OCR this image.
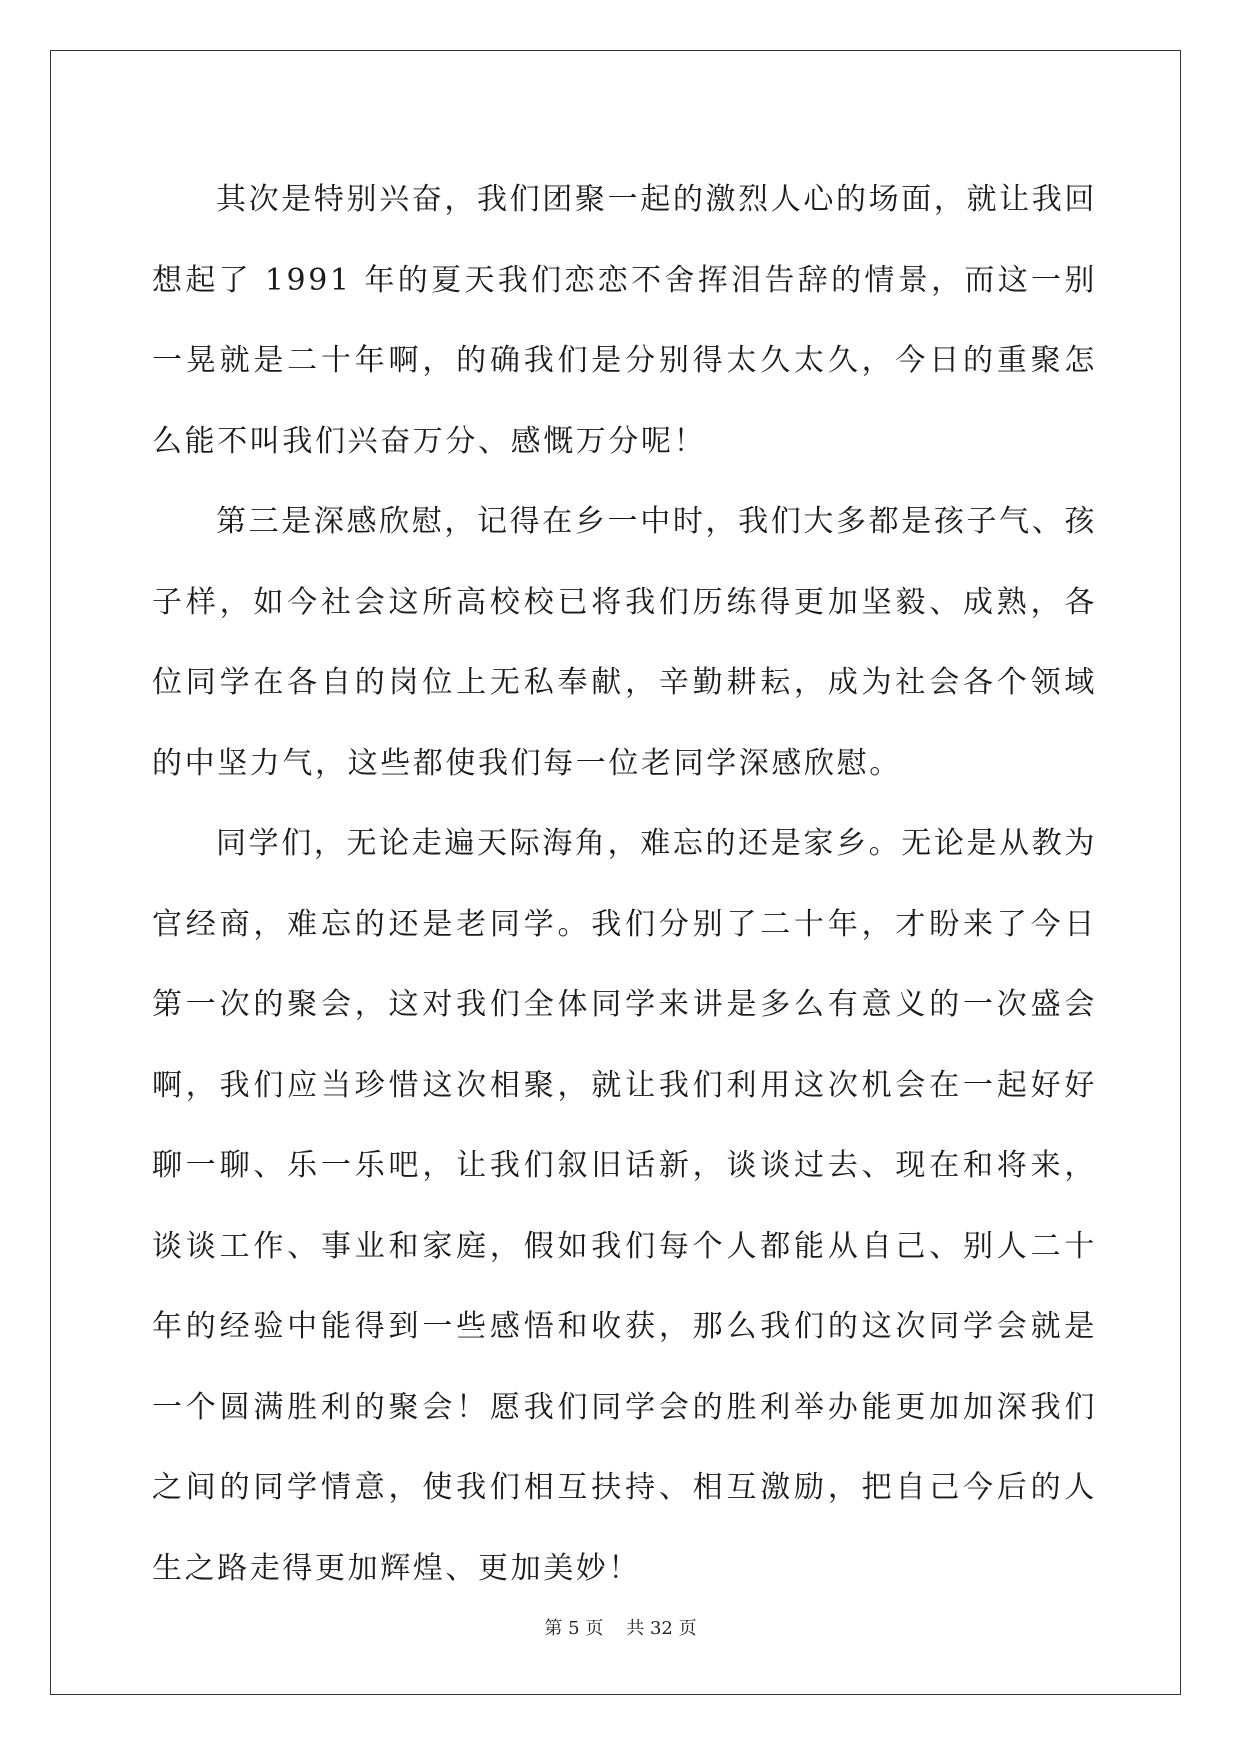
其次是特别兴奋，我们团聚一起的激烈人心的场面，就让我回想起了 1991 年的夏天我们恋恋不舍挥泪告辞的情景，而这一别一晃就是二十年啊，的确我们是分别得太久太久，今日的重聚怎么能不叫我们兴奋万分、感慨万分呢！

第三是深感欣慰，记得在乡一中时，我们大多都是孩子气、孩子样，如今社会这所高校校已将我们历练得更加坚毅、成熟，各位同学在各自的岗位上无私奉献，辛勤耕耘，成为社会各个领域的中坚力气，这些都使我们每一位老同学深感欣慰。

同学们，无论走遍天际海角，难忘的还是家乡。无论是从教为官经商，难忘的还是老同学。我们分别了二十年，才盼来了今日第一次的聚会，这对我们全体同学来讲是多么有意义的一次盛会啊，我们应当珍惜这次相聚，就让我们利用这次机会在一起好好聊一聊、乐一乐吧，让我们叙旧话新，谈谈过去、现在和将来，谈谈工作、事业和家庭，假如我们每个人都能从自己、别人二十年的经验中能得到一些感悟和收获，那么我们的这次同学会就是一个圆满胜利的聚会！愿我们同学会的胜利举办能更加加深我们之间的同学情意，使我们相互扶持、相互激励，把自己今后的人生之路走得更加辉煌、更加美妙！

第 5 页 共 32 页
